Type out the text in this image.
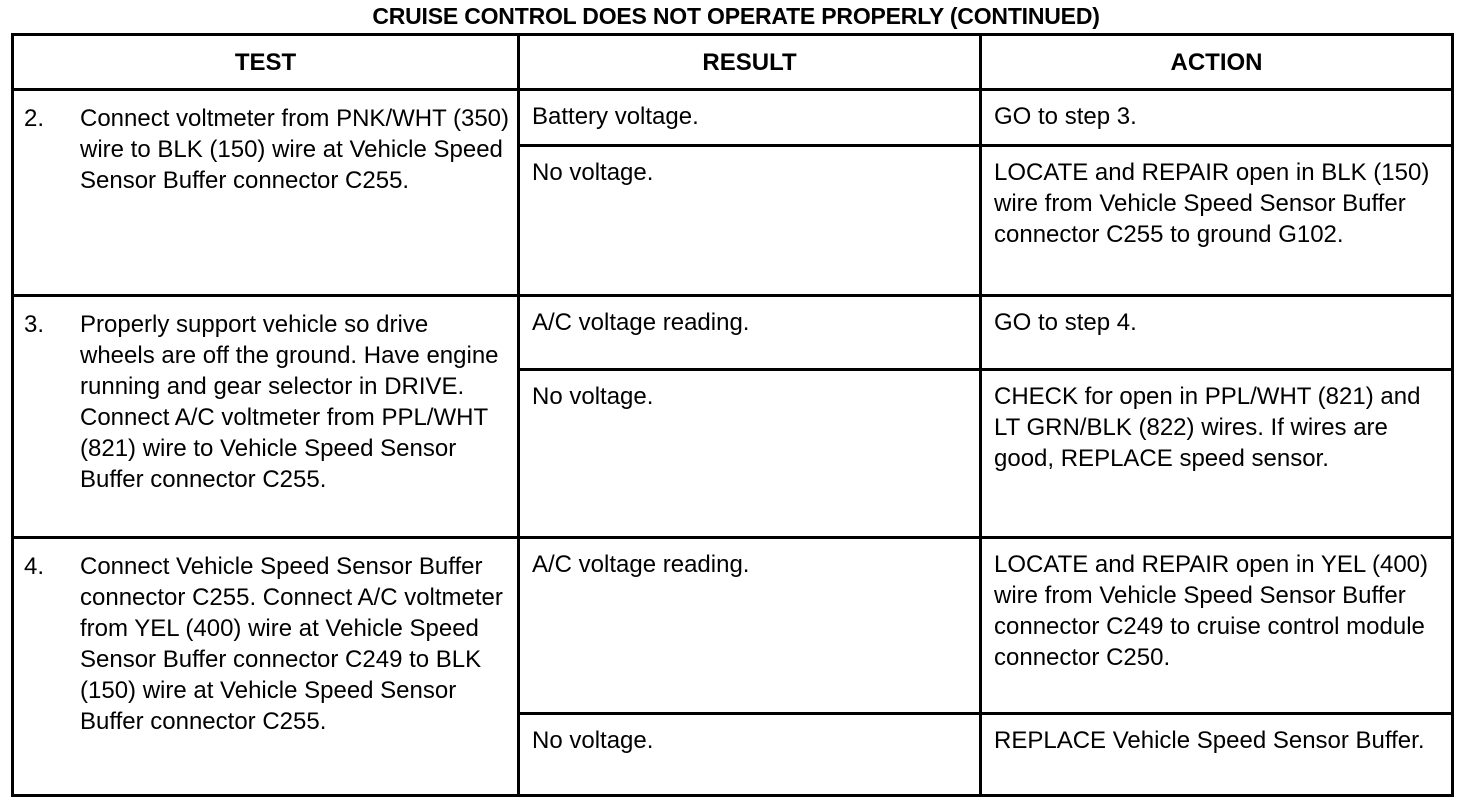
CRUISE CONTROL DOES NOT OPERATE PROPERLY (CONTINUED)
TEST	RESULT	ACTION

2. Connect voltmeter from PNK/WHT (350) wire to BLK (150) wire at Vehicle Speed Sensor Buffer connector C255.	Battery voltage.	GO to step 3.

	No voltage.	LOCATE and REPAIR open in BLK (150) wire from Vehicle Speed Sensor Buffer connector C255 to ground G102.

3. Properly support vehicle so drive wheels are off the ground. Have engine running and gear selector in DRIVE. Connect A/C voltmeter from PPL/WHT (821) wire to Vehicle Speed Sensor Buffer connector C255.	A/C voltage reading.	GO to step 4.

	No voltage.	CHECK for open in PPL/WHT (821) and LT GRN/BLK (822) wires. If wires are good, REPLACE speed sensor.

4. Connect Vehicle Speed Sensor Buffer connector C255. Connect A/C voltmeter from YEL (400) wire at Vehicle Speed Sensor Buffer connector C249 to BLK (150) wire at Vehicle Speed Sensor Buffer connector C255.	A/C voltage reading.	LOCATE and REPAIR open in YEL (400) wire from Vehicle Speed Sensor Buffer connector C249 to cruise control module connector C250.

	No voltage.	REPLACE Vehicle Speed Sensor Buffer.
